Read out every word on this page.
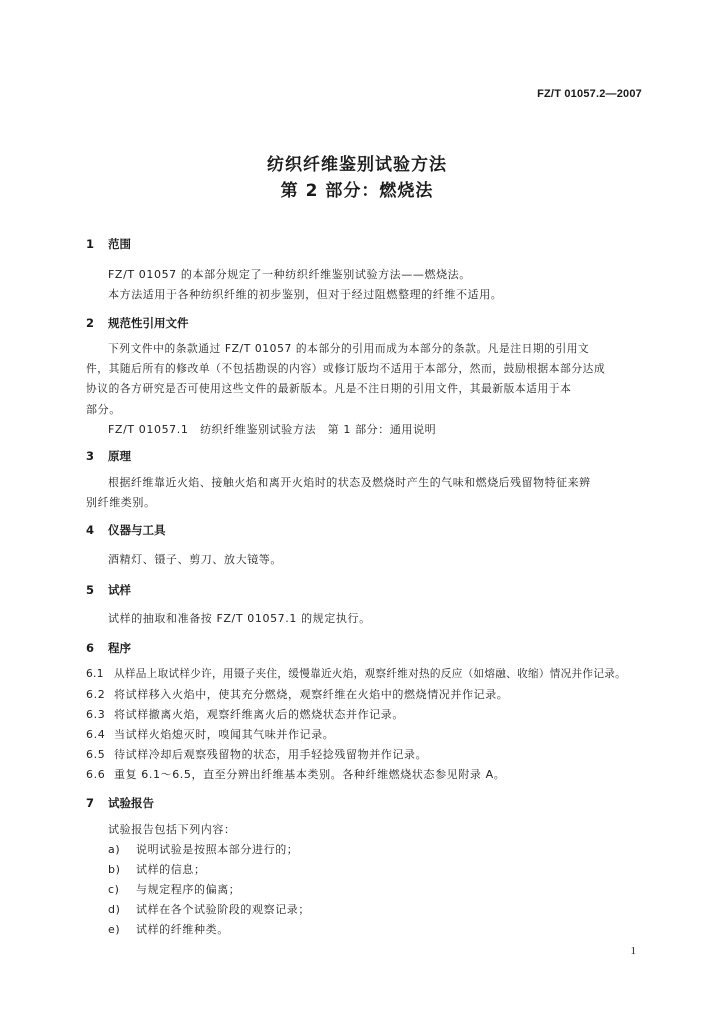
FZ/T 01057.2—2007
纺织纤维鉴别试验方法
第 2 部分：燃烧法
1 范围
FZ/T 01057 的本部分规定了一种纺织纤维鉴别试验方法——燃烧法。
本方法适用于各种纺织纤维的初步鉴别，但对于经过阻燃整理的纤维不适用。
2 规范性引用文件
下列文件中的条款通过 FZ/T 01057 的本部分的引用而成为本部分的条款。凡是注日期的引用文
件，其随后所有的修改单（不包括勘误的内容）或修订版均不适用于本部分，然而，鼓励根据本部分达成
协议的各方研究是否可使用这些文件的最新版本。凡是不注日期的引用文件，其最新版本适用于本
部分。
FZ/T 01057.1　纺织纤维鉴别试验方法　第 1 部分：通用说明
3 原理
根据纤维靠近火焰、接触火焰和离开火焰时的状态及燃烧时产生的气味和燃烧后残留物特征来辨
别纤维类别。
4 仪器与工具
酒精灯、镊子、剪刀、放大镜等。
5 试样
试样的抽取和准备按 FZ/T 01057.1 的规定执行。
6 程序
6.1 从样品上取试样少许，用镊子夹住，缓慢靠近火焰，观察纤维对热的反应（如熔融、收缩）情况并作记录。
6.2 将试样移入火焰中，使其充分燃烧，观察纤维在火焰中的燃烧情况并作记录。
6.3 将试样撤离火焰，观察纤维离火后的燃烧状态并作记录。
6.4 当试样火焰熄灭时，嗅闻其气味并作记录。
6.5 待试样冷却后观察残留物的状态，用手轻捻残留物并作记录。
6.6 重复 6.1～6.5，直至分辨出纤维基本类别。各种纤维燃烧状态参见附录 A。
7 试验报告
试验报告包括下列内容：
a) 说明试验是按照本部分进行的；
b) 试样的信息；
c) 与规定程序的偏离；
d) 试样在各个试验阶段的观察记录；
e) 试样的纤维种类。
1
